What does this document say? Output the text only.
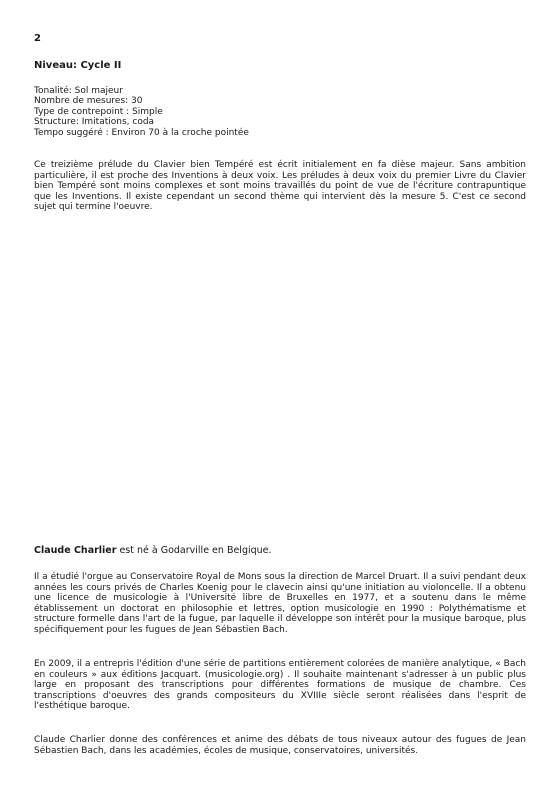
2
Niveau: Cycle II
Tonalité: Sol majeur
Nombre de mesures: 30
Type de contrepoint : Simple
Structure: Imitations, coda
Tempo suggéré : Environ 70 à la croche pointée

Ce treizième prélude du Clavier bien Tempéré est écrit initialement en fa dièse majeur. Sans ambition particulière, il est proche des Inventions à deux voix. Les préludes à deux voix du premier Livre du Clavier bien Tempéré sont moins complexes et sont moins travaillés du point de vue de l'écriture contrapuntique que les Inventions. Il existe cependant un second thème qui intervient dès la mesure 5. C'est ce second sujet qui termine l'oeuvre.

Claude Charlier est né à Godarville en Belgique.

Il a étudié l'orgue au Conservatoire Royal de Mons sous la direction de Marcel Druart. Il a suivi pendant deux années les cours privés de Charles Koenig pour le clavecin ainsi qu'une initiation au violoncelle. Il a obtenu une licence de musicologie à l'Université libre de Bruxelles en 1977, et a soutenu dans le même établissement un doctorat en philosophie et lettres, option musicologie en 1990 : Polythématisme et structure formelle dans l'art de la fugue, par laquelle il développe son intérêt pour la musique baroque, plus spécifiquement pour les fugues de Jean Sébastien Bach.

En 2009, il a entrepris l'édition d'une série de partitions entièrement colorées de manière analytique, « Bach en couleurs » aux éditions Jacquart. (musicologie.org) . Il souhaite maintenant s'adresser à un public plus large en proposant des transcriptions pour différentes formations de musique de chambre. Ces transcriptions d'oeuvres des grands compositeurs du XVIIIe siècle seront réalisées dans l'esprit de l'esthétique baroque.

Claude Charlier donne des conférences et anime des débats de tous niveaux autour des fugues de Jean Sébastien Bach, dans les académies, écoles de musique, conservatoires, universités.
